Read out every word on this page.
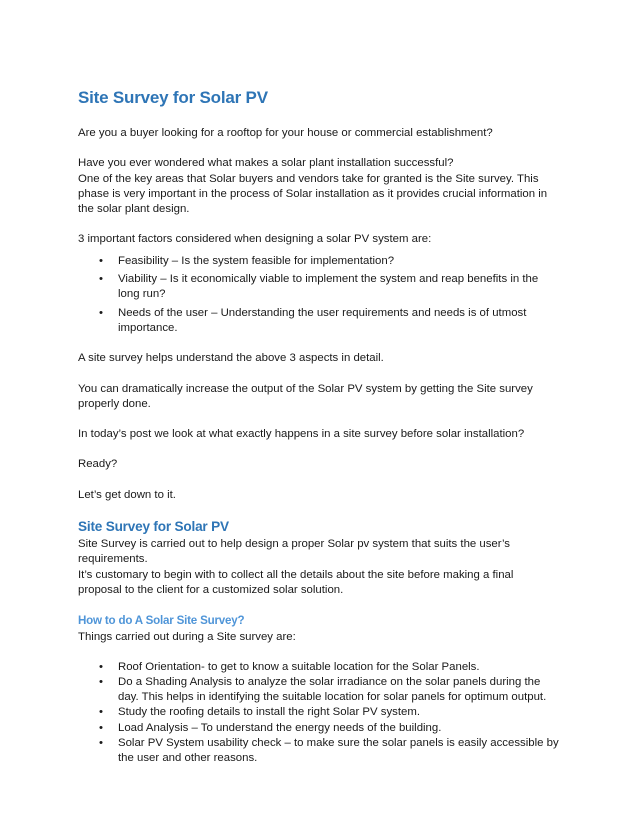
Site Survey for Solar PV

Are you a buyer looking for a rooftop for your house or commercial establishment?

Have you ever wondered what makes a solar plant installation successful?

One of the key areas that Solar buyers and vendors take for granted is the Site survey. This phase is very important in the process of Solar installation as it provides crucial information in the solar plant design.

3 important factors considered when designing a solar PV system are:

• Feasibility – Is the system feasible for implementation?
• Viability – Is it economically viable to implement the system and reap benefits in the long run?
• Needs of the user – Understanding the user requirements and needs is of utmost importance.

A site survey helps understand the above 3 aspects in detail.

You can dramatically increase the output of the Solar PV system by getting the Site survey properly done.

In today’s post we look at what exactly happens in a site survey before solar installation?

Ready?

Let’s get down to it.

Site Survey for Solar PV

Site Survey is carried out to help design a proper Solar pv system that suits the user’s requirements.

It’s customary to begin with to collect all the details about the site before making a final proposal to the client for a customized solar solution.

How to do A Solar Site Survey?

Things carried out during a Site survey are:

• Roof Orientation- to get to know a suitable location for the Solar Panels.
• Do a Shading Analysis to analyze the solar irradiance on the solar panels during the day. This helps in identifying the suitable location for solar panels for optimum output.
• Study the roofing details to install the right Solar PV system.
• Load Analysis – To understand the energy needs of the building.
• Solar PV System usability check – to make sure the solar panels is easily accessible by the user and other reasons.
